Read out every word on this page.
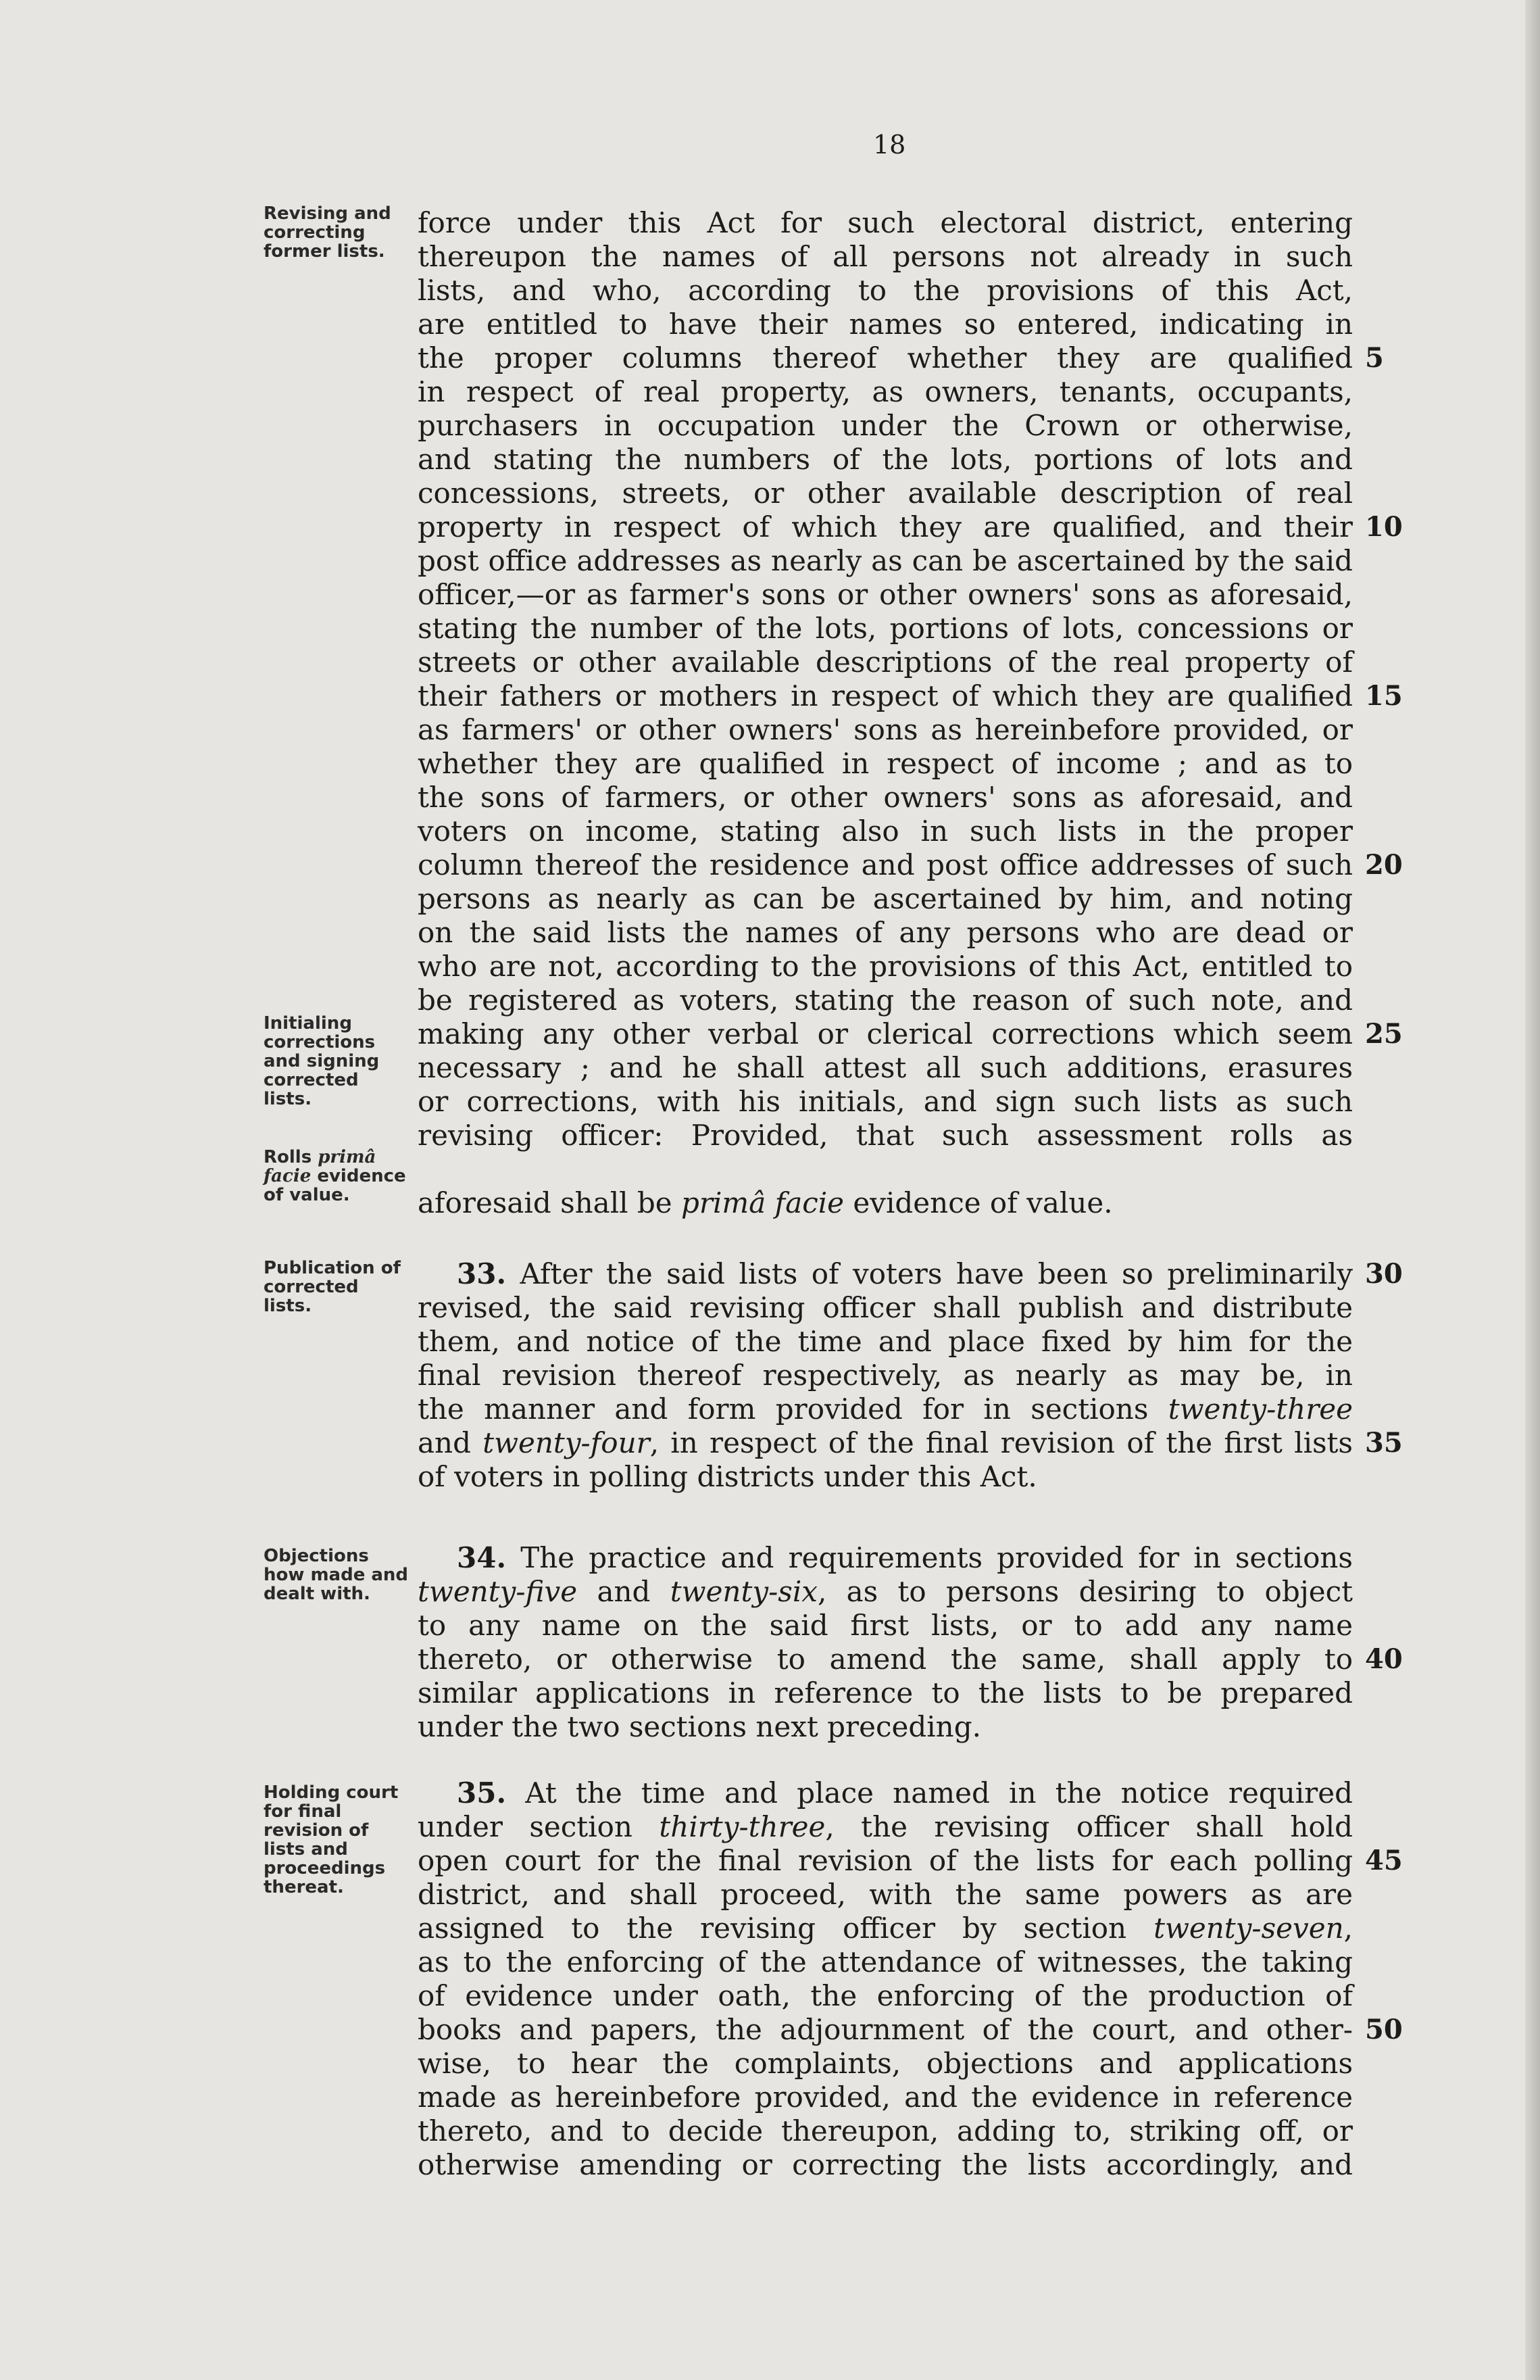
18

Revising and correcting former lists.

Initialing corrections and signing corrected lists.

Rolls primâ facie evidence of value.

Publication of corrected lists.

Objections how made and dealt with.

Holding court for final revision of lists and proceedings thereat.

aforesaid shall be primâ facie evidence of value.
33. After the said lists of voters have been so preliminarily
revised, the said revising officer shall publish and distribute
them, and notice of the time and place fixed by him for the
final revision thereof respectively, as nearly as may be, in
the manner and form provided for in sections twenty-three
and twenty-four, in respect of the final revision of the first lists
of voters in polling districts under this Act.
34. The practice and requirements provided for in sections
twenty-five and twenty-six, as to persons desiring to object
to any name on the said first lists, or to add any name
thereto, or otherwise to amend the same, shall apply to
similar applications in reference to the lists to be prepared
under the two sections next preceding.
35. At the time and place named in the notice required
under section thirty-three, the revising officer shall hold
open court for the final revision of the lists for each polling
district, and shall proceed, with the same powers as are
assigned to the revising officer by section twenty-seven,
as to the enforcing of the attendance of witnesses, the taking
of evidence under oath, the enforcing of the production of
books and papers, the adjournment of the court, and other-
wise, to hear the complaints, objections and applications
made as hereinbefore provided, and the evidence in reference
thereto, and to decide thereupon, adding to, striking off, or
otherwise amending or correcting the lists accordingly, and
5
10
15
20
25
30
35
40
45
50
force under this Act for such electoral district, entering
thereupon the names of all persons not already in such
lists, and who, according to the provisions of this Act,
are entitled to have their names so entered, indicating in
the proper columns thereof whether they are qualified
in respect of real property, as owners, tenants, occupants,
purchasers in occupation under the Crown or otherwise,
and stating the numbers of the lots, portions of lots and
concessions, streets, or other available description of real
property in respect of which they are qualified, and their
post office addresses as nearly as can be ascertained by the said
officer,—or as farmer's sons or other owners' sons as aforesaid,
stating the number of the lots, portions of lots, concessions or
streets or other available descriptions of the real property of
their fathers or mothers in respect of which they are qualified
as farmers' or other owners' sons as hereinbefore provided, or
whether they are qualified in respect of income ; and as to
the sons of farmers, or other owners' sons as aforesaid, and
voters on income, stating also in such lists in the proper
column thereof the residence and post office addresses of such
persons as nearly as can be ascertained by him, and noting
on the said lists the names of any persons who are dead or
who are not, according to the provisions of this Act, entitled to
be registered as voters, stating the reason of such note, and
making any other verbal or clerical corrections which seem
necessary ; and he shall attest all such additions, erasures
or corrections, with his initials, and sign such lists as such
revising officer: Provided, that such assessment rolls as
